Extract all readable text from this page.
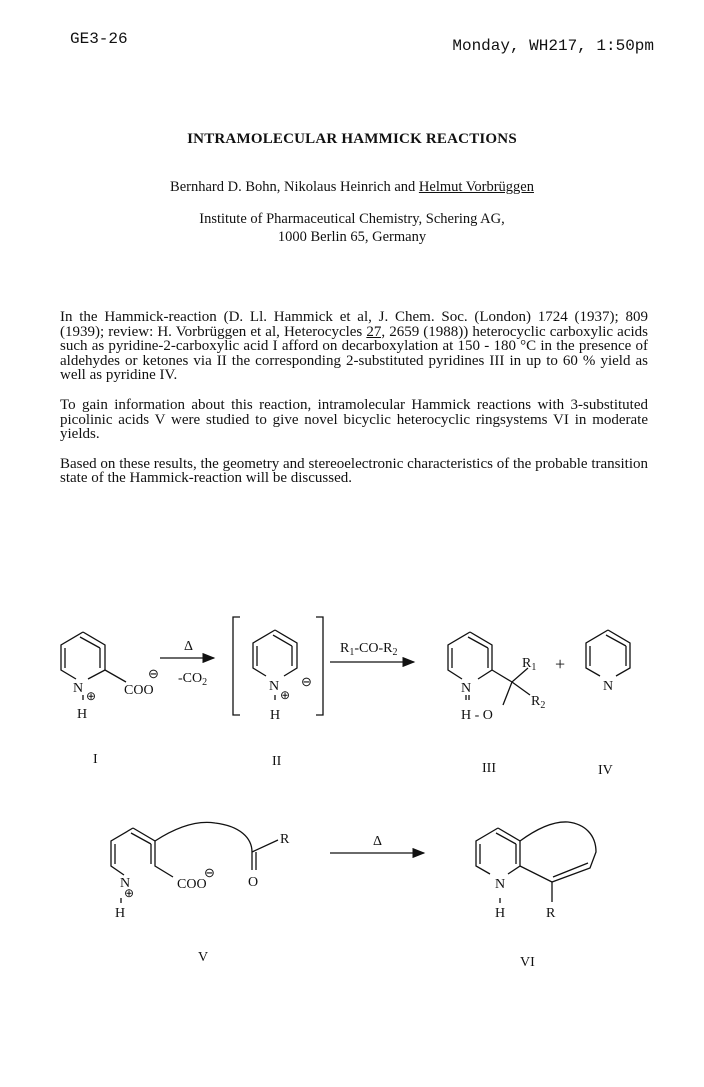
GE3-26	Monday, WH217, 1:50pm
INTRAMOLECULAR HAMMICK REACTIONS
Bernhard D. Bohn, Nikolaus Heinrich and Helmut Vorbrüggen
Institute of Pharmaceutical Chemistry, Schering AG,
1000 Berlin 65, Germany

In the Hammick-reaction (D. Ll. Hammick et al, J. Chem. Soc. (London) 1724 (1937); 809 (1939); review: H. Vorbrüggen et al, Heterocycles 27, 2659 (1988)) heterocyclic carboxylic acids such as pyridine-2-carboxylic acid I afford on decarboxylation at 150 - 180 °C in the presence of aldehydes or ketones via II the corresponding 2-substituted pyridines III in up to 60 % yield as well as pyridine IV.

To gain information about this reaction, intramolecular Hammick reactions with 3-substituted picolinic acids V were studied to give novel bicyclic heterocyclic ringsystems VI in moderate yields.

Based on these results, the geometry and stereoelectronic characteristics of the probable transition state of the Hammick-reaction will be discussed.

N ⊕
H
COO
⊖
Δ
$-CO_2$	N
⊕
⊖
H
$R_1-CO-R_2$
N
H - O
$R_1$
$R_2$
+
N
I	II	III	IV
N
⊕
H
COO
⊖
O
R	Δ
N
H	R
V	VI
